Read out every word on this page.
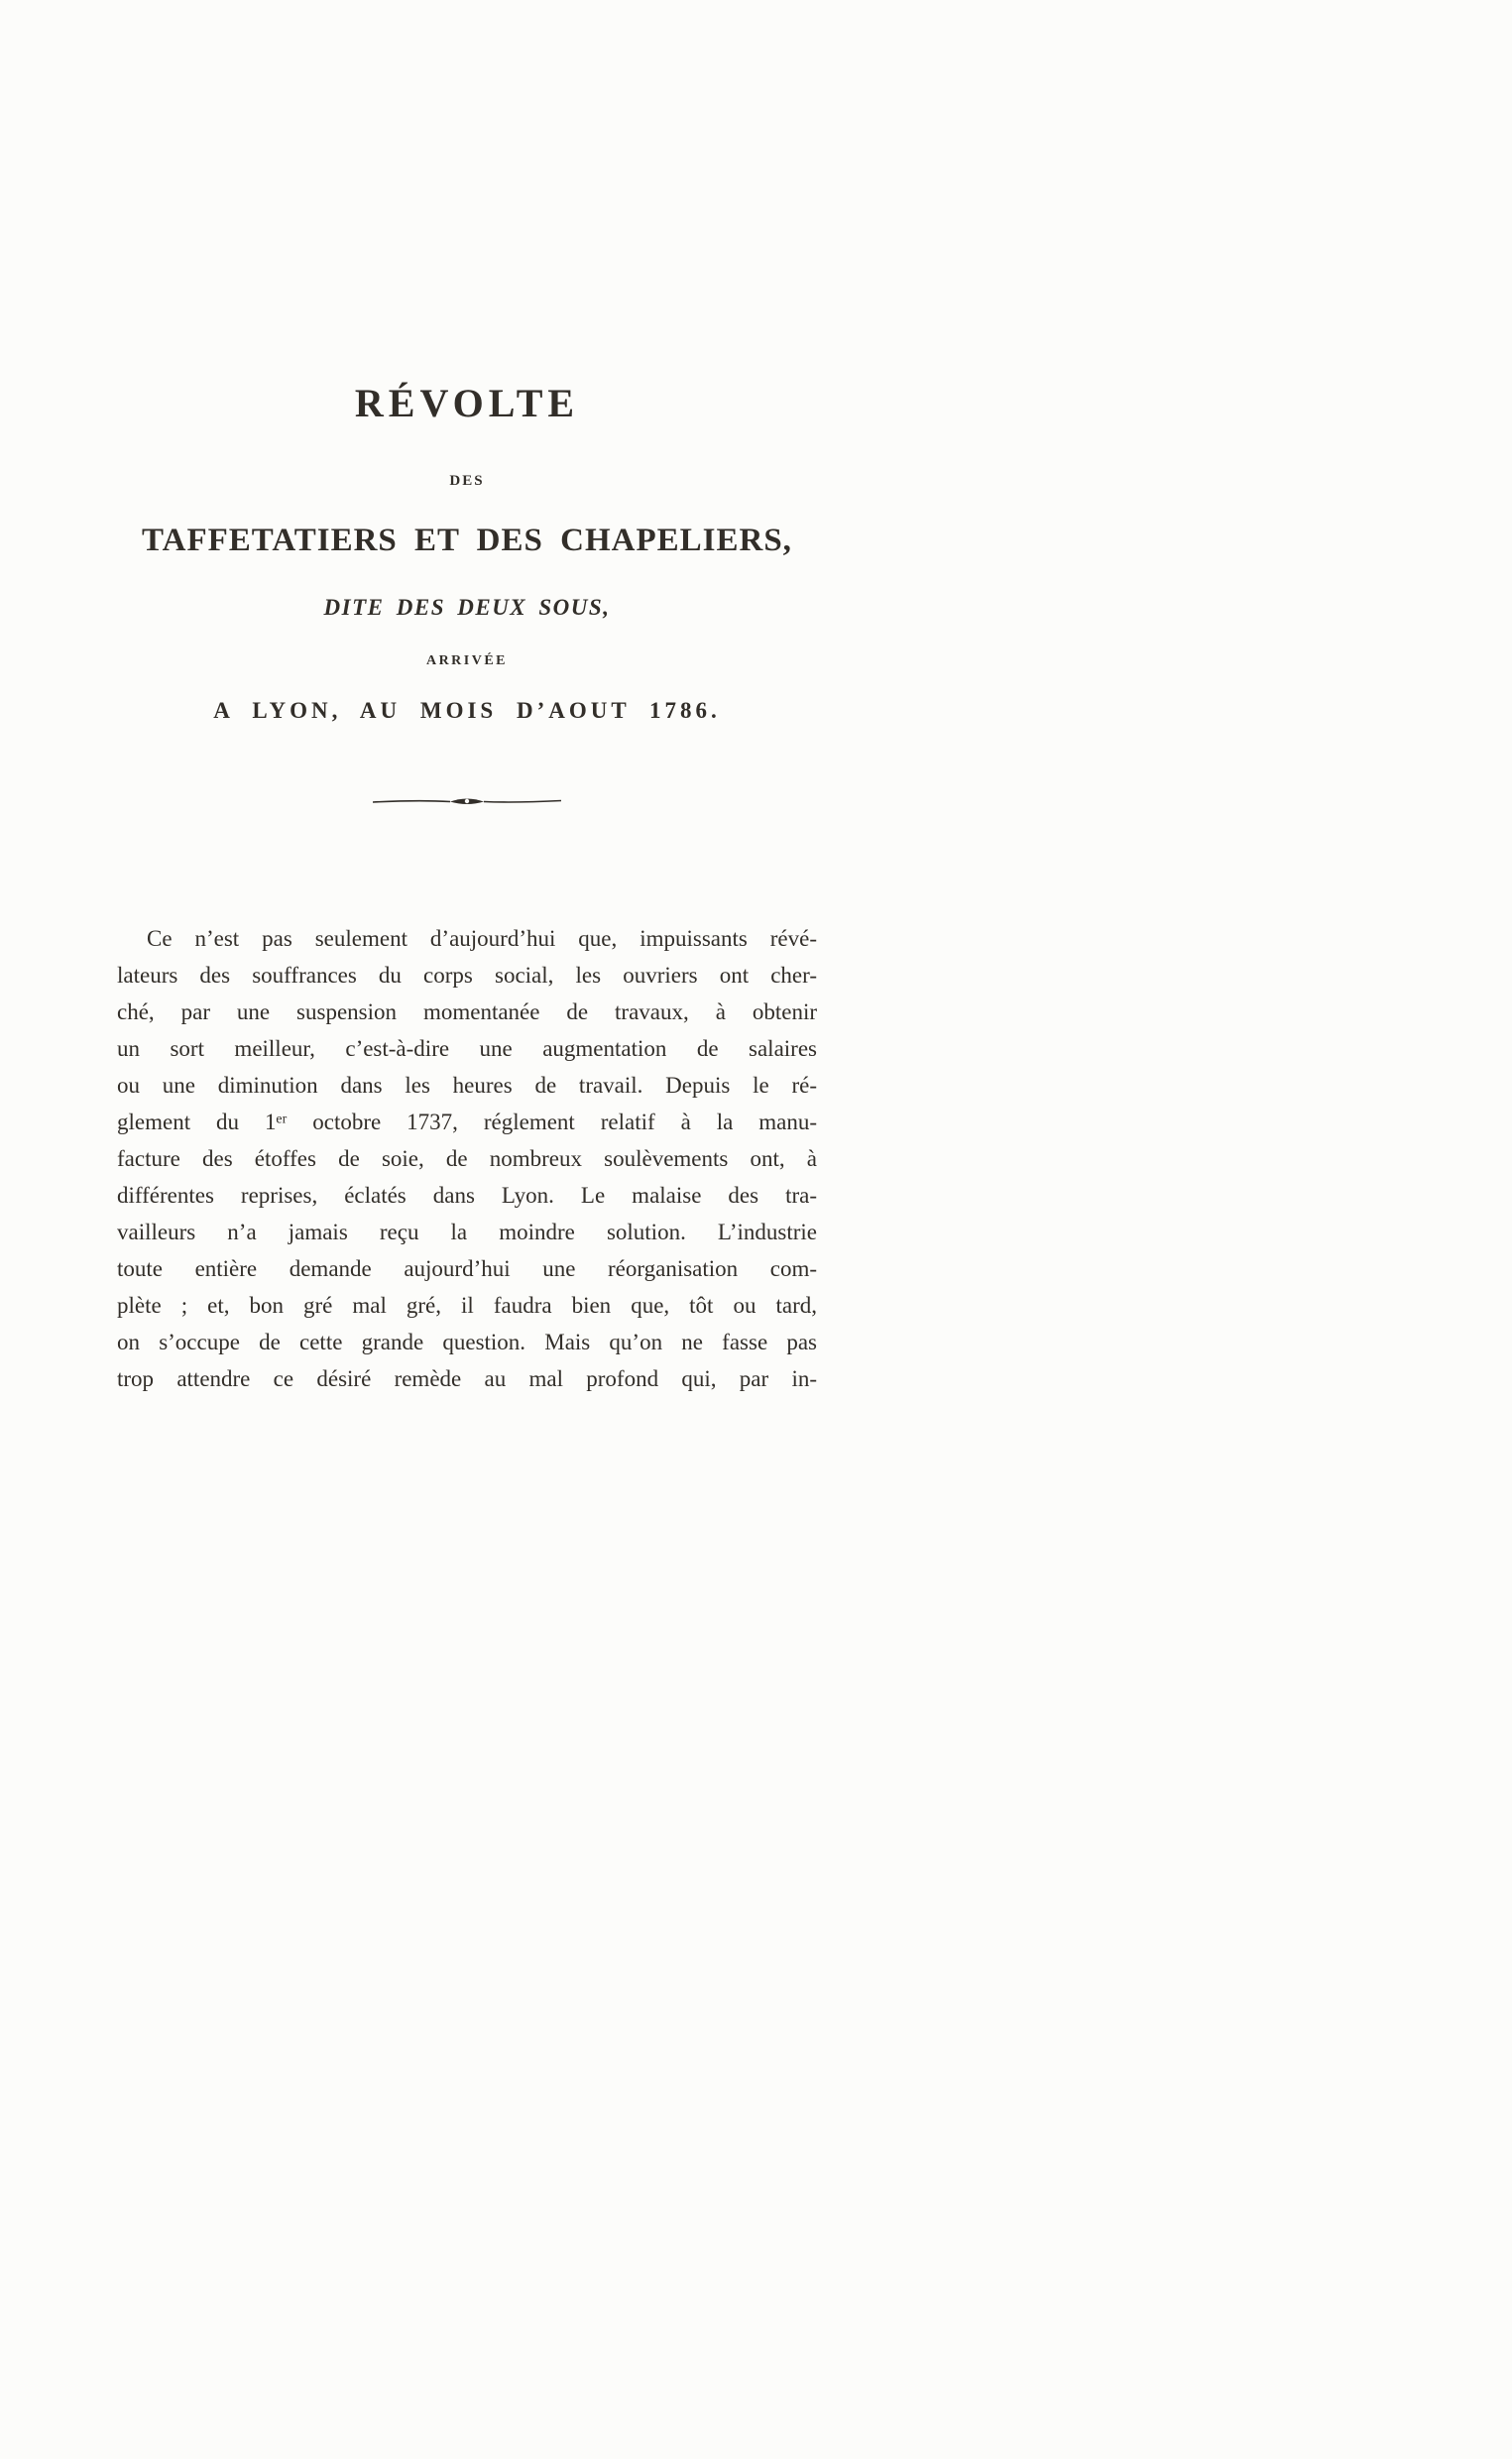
RÉVOLTE
DES
TAFFETATIERS ET DES CHAPELIERS,
DITE DES DEUX SOUS,
ARRIVÉE
A LYON, AU MOIS D’AOUT 1786.
Ce n’est pas seulement d’aujourd’hui que, impuissants révé-
lateurs des souffrances du corps social, les ouvriers ont cher-
ché, par une suspension momentanée de travaux, à obtenir
un sort meilleur, c’est-à-dire une augmentation de salaires
ou une diminution dans les heures de travail. Depuis le ré-
glement du 1ᵉʳ octobre 1737, réglement relatif à la manu-
facture des étoffes de soie, de nombreux soulèvements ont, à
différentes reprises, éclatés dans Lyon. Le malaise des tra-
vailleurs n’a jamais reçu la moindre solution. L’industrie
toute entière demande aujourd’hui une réorganisation com-
plète ; et, bon gré mal gré, il faudra bien que, tôt ou tard,
on s’occupe de cette grande question. Mais qu’on ne fasse pas
trop attendre ce désiré remède au mal profond qui, par in-
